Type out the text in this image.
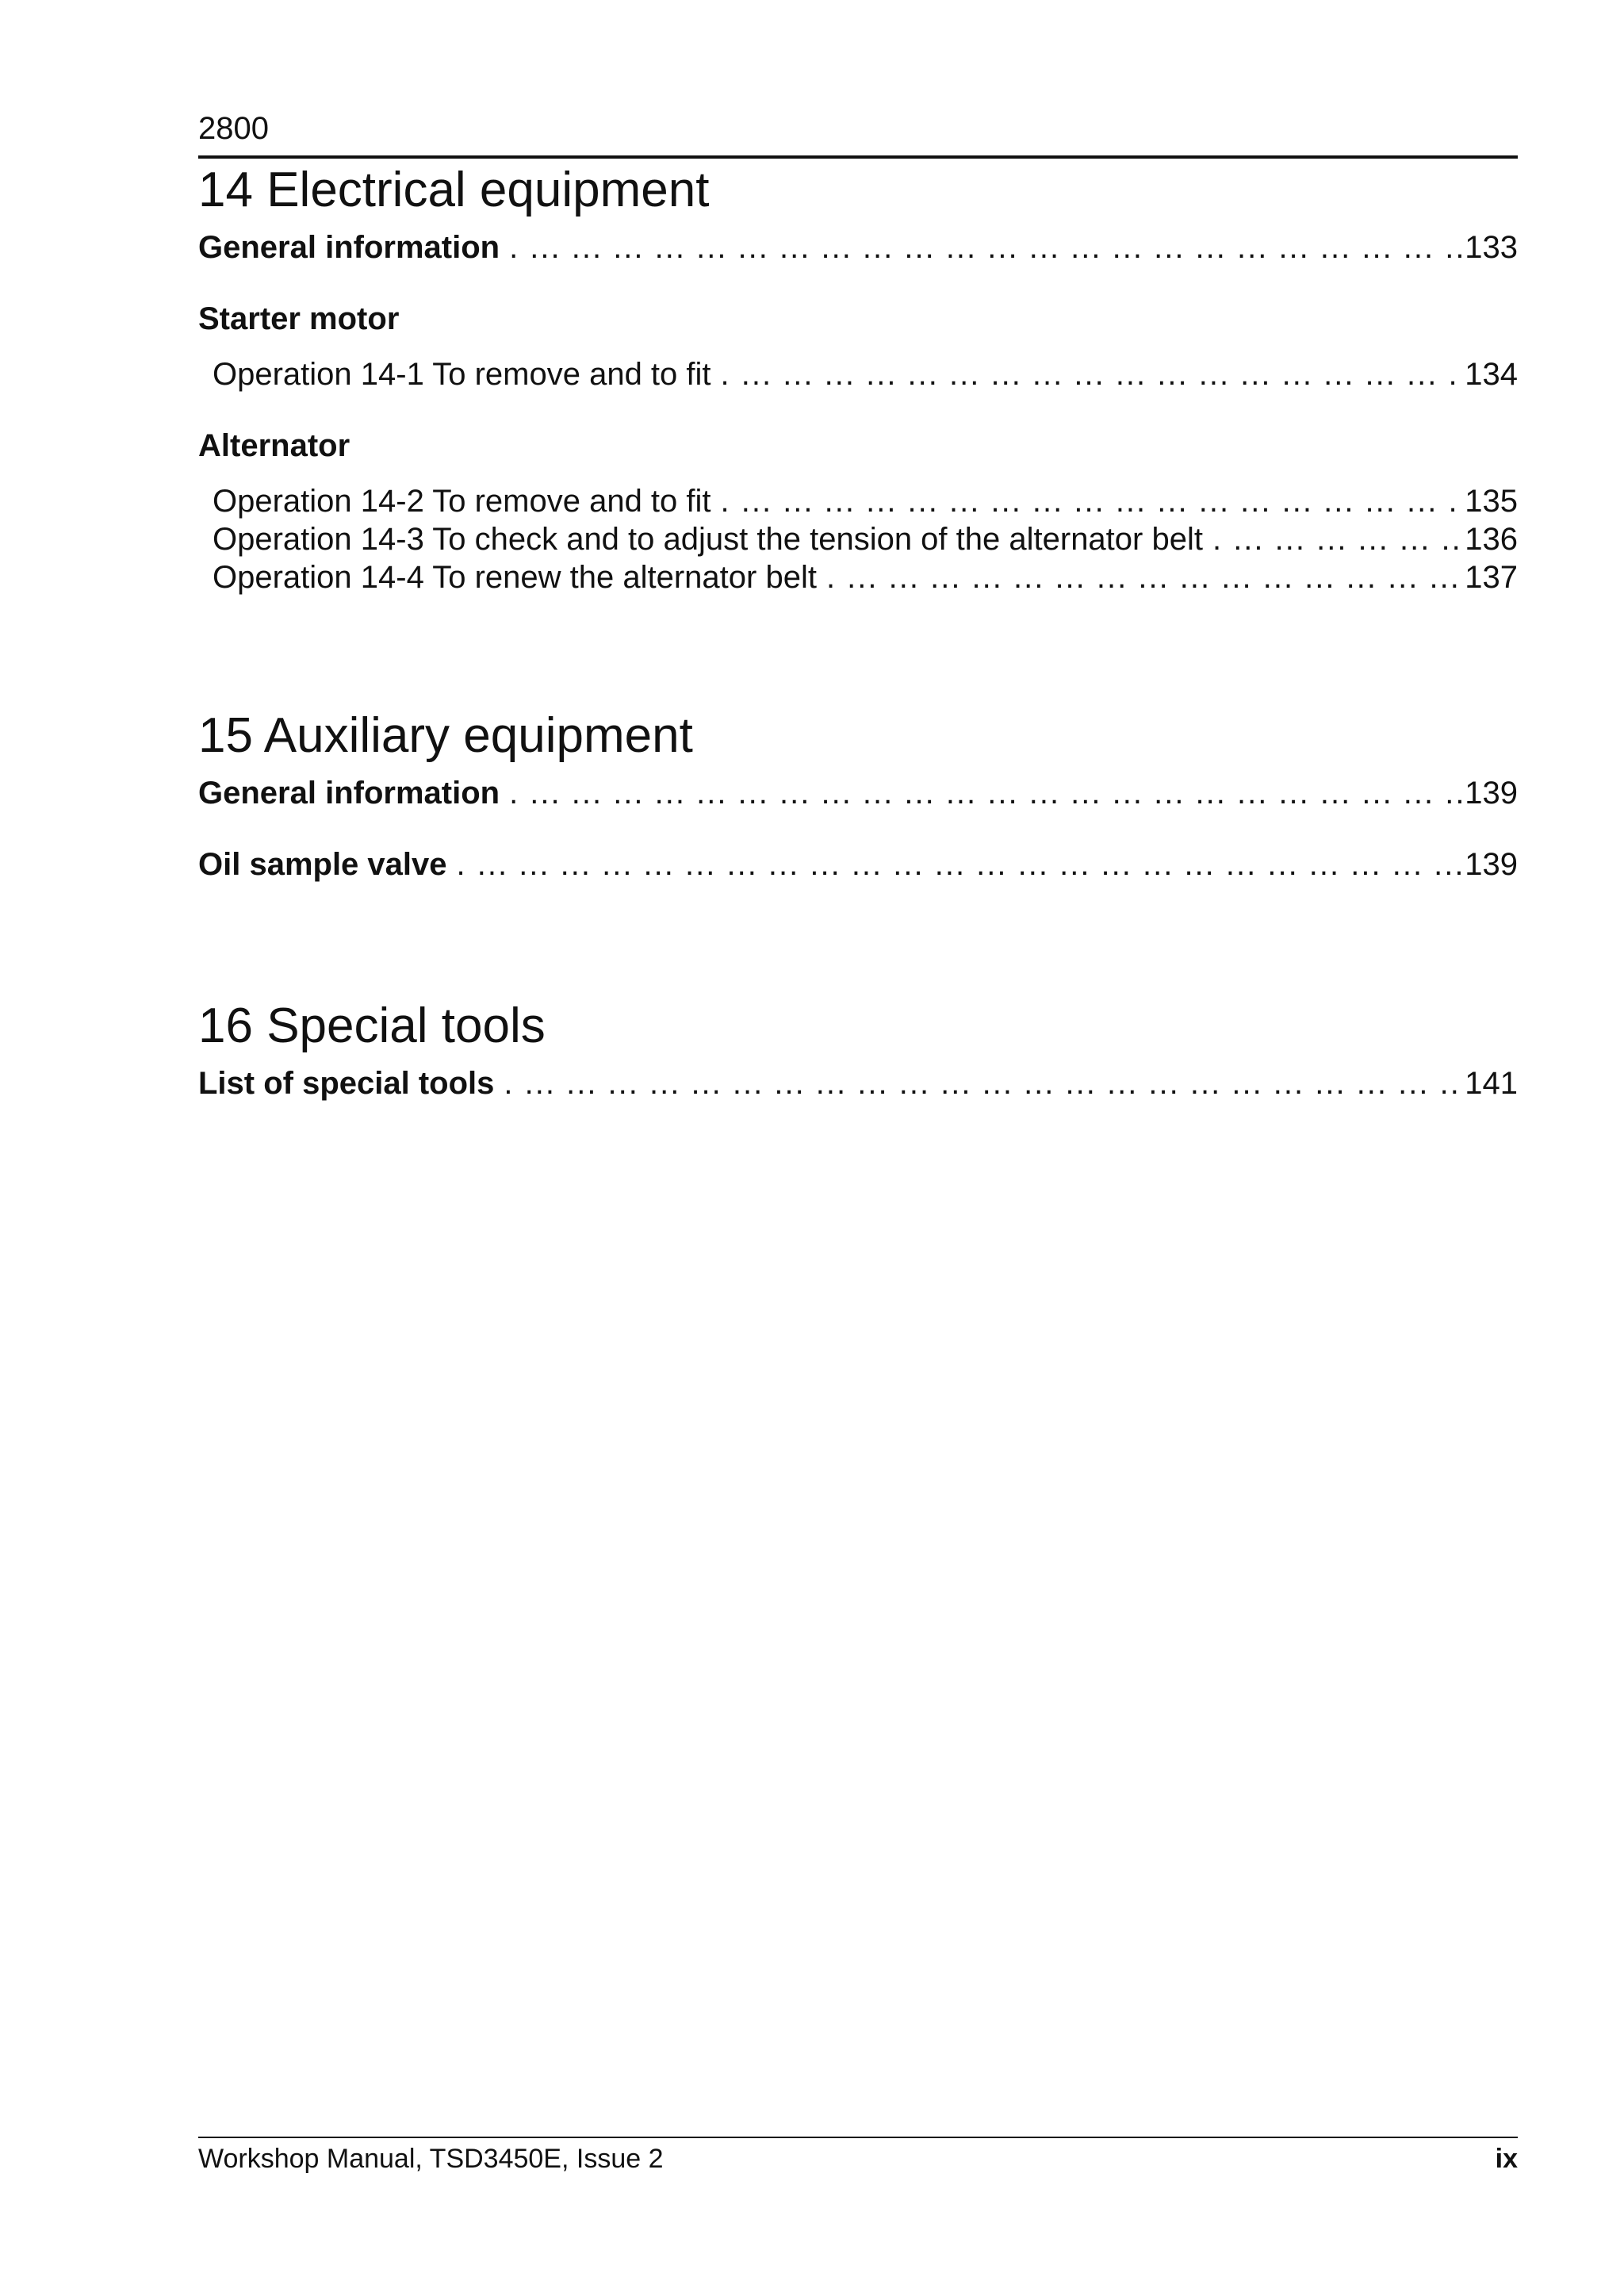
2800
14 Electrical equipment
General information . ...	133
Starter motor
Operation 14-1 To remove and to fit . ...	134
Alternator
Operation 14-2 To remove and to fit . ...	135
Operation 14-3 To check and to adjust the tension of the alternator belt . ...	136
Operation 14-4 To renew the alternator belt . ...	137
15 Auxiliary equipment
General information . ...	139
Oil sample valve . ...	139
16 Special tools
List of special tools . ...	141
Workshop Manual, TSD3450E, Issue 2	ix
